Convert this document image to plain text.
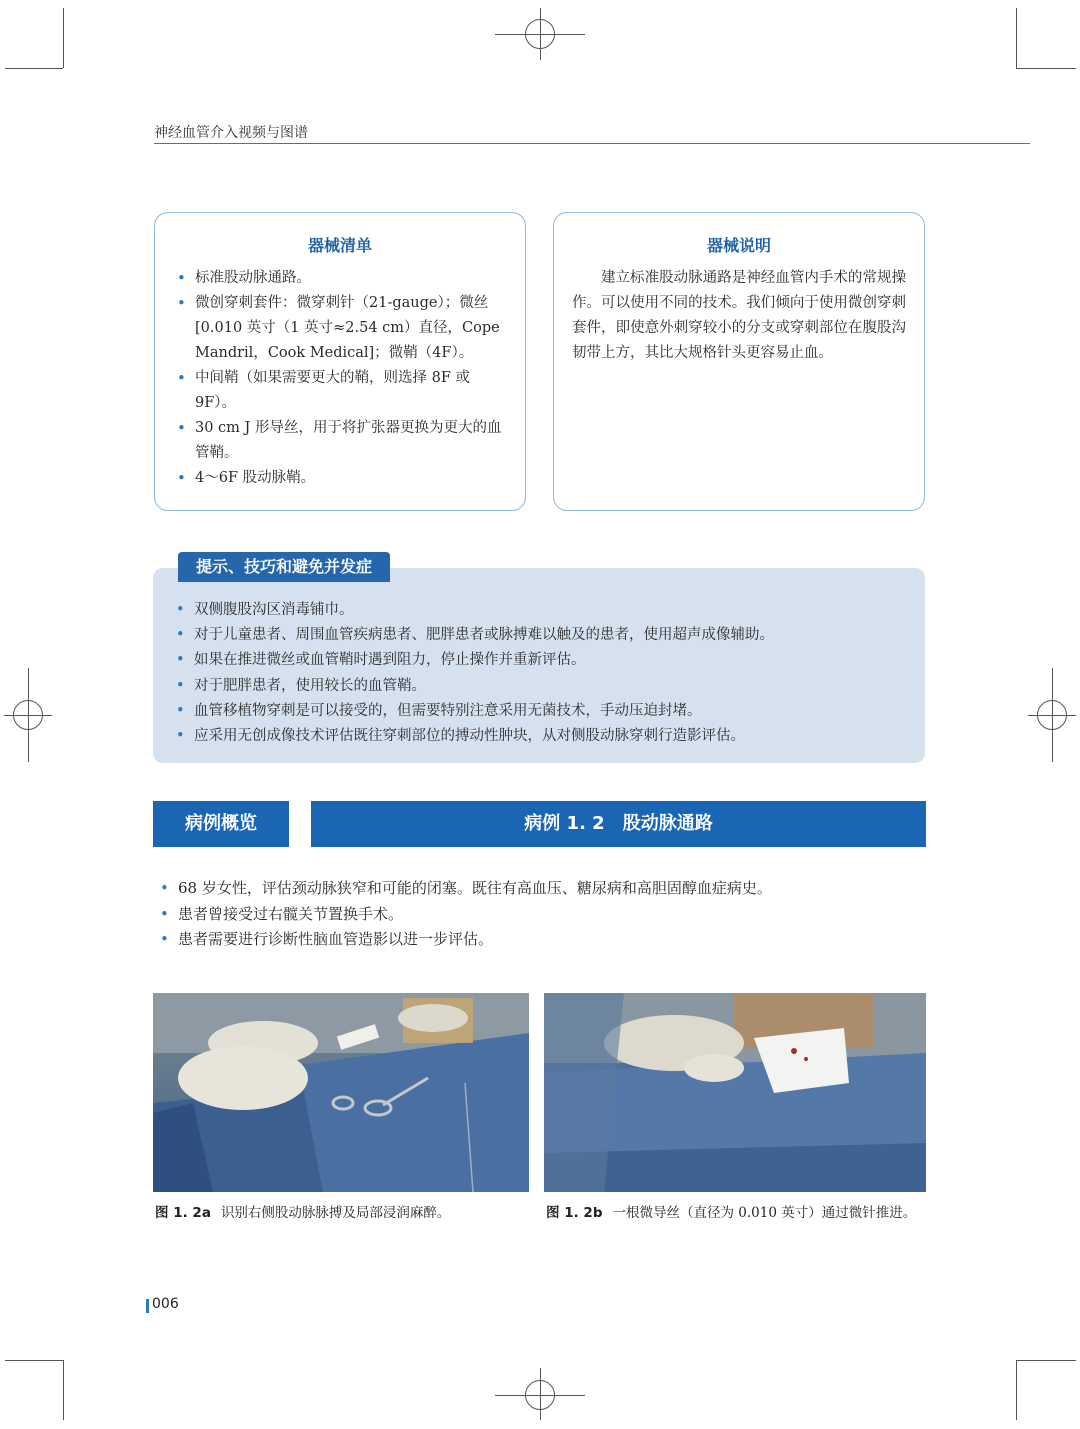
神经血管介入视频与图谱
器械清单
• 标准股动脉通路。
• 微创穿刺套件：微穿刺针（21-gauge）；微丝[0.010 英寸（1 英寸≈2.54 cm）直径，Cope Mandril，Cook Medical]；微鞘（4F）。
• 中间鞘（如果需要更大的鞘，则选择 8F 或 9F）。
• 30 cm J 形导丝，用于将扩张器更换为更大的血管鞘。
• 4～6F 股动脉鞘。
器械说明
建立标准股动脉通路是神经血管内手术的常规操作。可以使用不同的技术。我们倾向于使用微创穿刺套件，即使意外刺穿较小的分支或穿刺部位在腹股沟韧带上方，其比大规格针头更容易止血。
提示、技巧和避免并发症
• 双侧腹股沟区消毒铺巾。
• 对于儿童患者、周围血管疾病患者、肥胖患者或脉搏难以触及的患者，使用超声成像辅助。
• 如果在推进微丝或血管鞘时遇到阻力，停止操作并重新评估。
• 对于肥胖患者，使用较长的血管鞘。
• 血管移植物穿刺是可以接受的，但需要特别注意采用无菌技术，手动压迫封堵。
• 应采用无创成像技术评估既往穿刺部位的搏动性肿块，从对侧股动脉穿刺行造影评估。
病例概览	病例 1. 2　股动脉通路
• 68 岁女性，评估颈动脉狭窄和可能的闭塞。既往有高血压、糖尿病和高胆固醇血症病史。
• 患者曾接受过右髋关节置换手术。
• 患者需要进行诊断性脑血管造影以进一步评估。
图 1. 2a 识别右侧股动脉脉搏及局部浸润麻醉。	图 1. 2b 一根微导丝（直径为 0.010 英寸）通过微针推进。
006
